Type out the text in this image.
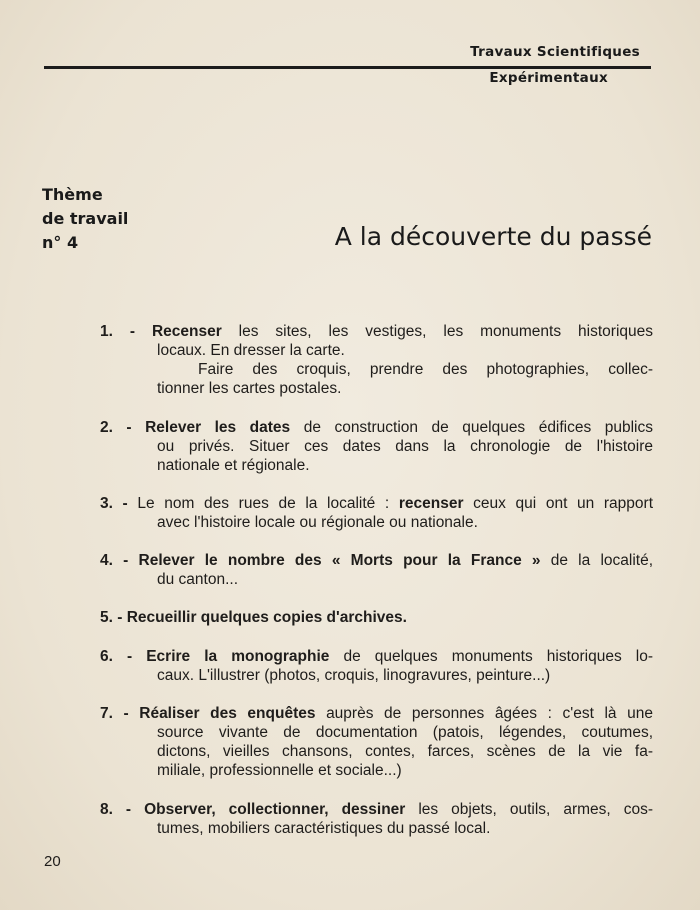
Travaux Scientifiques
Expérimentaux
Thème
de travail
n° 4	A la découverte du passé
1. - Recenser les sites, les vestiges, les monuments historiques
locaux. En dresser la carte.
Faire des croquis, prendre des photographies, collec-
tionner les cartes postales.
2. - Relever les dates de construction de quelques édifices publics
ou privés. Situer ces dates dans la chronologie de l'histoire
nationale et régionale.
3. - Le nom des rues de la localité : recenser ceux qui ont un rapport
avec l'histoire locale ou régionale ou nationale.
4. - Relever le nombre des « Morts pour la France » de la localité,
du canton...
5. - Recueillir quelques copies d'archives.
6. - Ecrire la monographie de quelques monuments historiques lo-
caux. L'illustrer (photos, croquis, linogravures, peinture...)
7. - Réaliser des enquêtes auprès de personnes âgées : c'est là une
source vivante de documentation (patois, légendes, coutumes,
dictons, vieilles chansons, contes, farces, scènes de la vie fa-
miliale, professionnelle et sociale...)
8. - Observer, collectionner, dessiner les objets, outils, armes, cos-
tumes, mobiliers caractéristiques du passé local.
20
